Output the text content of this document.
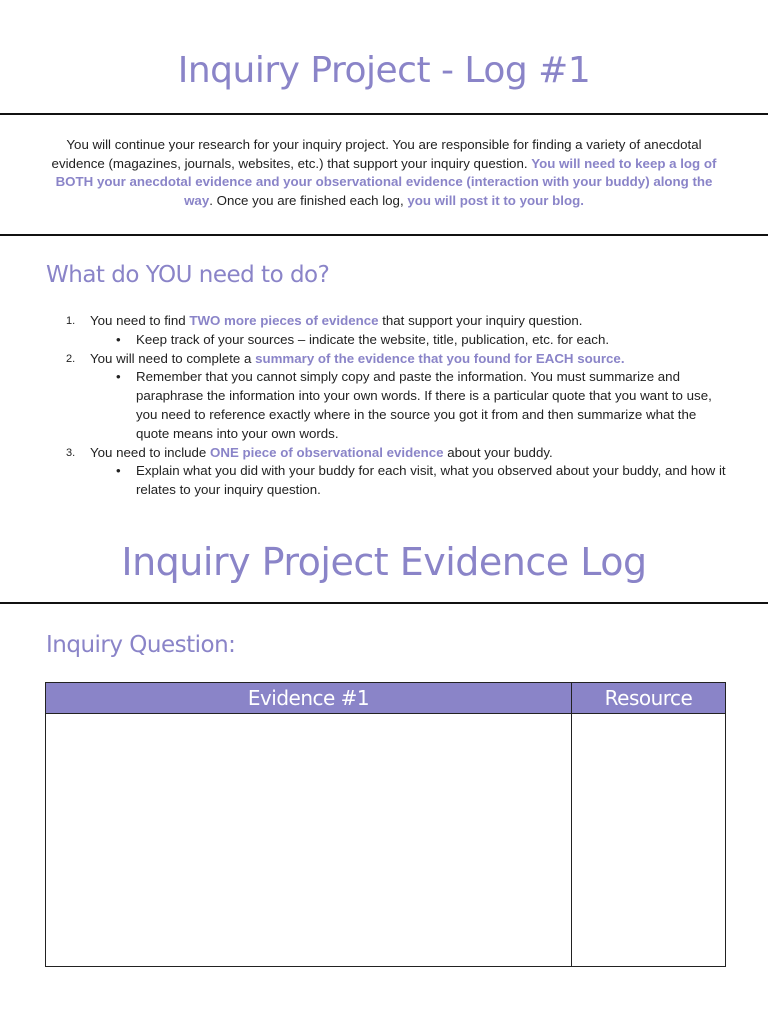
Inquiry Project - Log #1

You will continue your research for your inquiry project. You are responsible for finding a variety of anecdotal evidence (magazines, journals, websites, etc.) that support your inquiry question. You will need to keep a log of BOTH your anecdotal evidence and your observational evidence (interaction with your buddy) along the way. Once you are finished each log, you will post it to your blog.

What do YOU need to do?
1. You need to find TWO more pieces of evidence that support your inquiry question.
• Keep track of your sources – indicate the website, title, publication, etc. for each.
2. You will need to complete a summary of the evidence that you found for EACH source.
• Remember that you cannot simply copy and paste the information. You must summarize and paraphrase the information into your own words. If there is a particular quote that you want to use, you need to reference exactly where in the source you got it from and then summarize what the quote means into your own words.
3. You need to include ONE piece of observational evidence about your buddy.
• Explain what you did with your buddy for each visit, what you observed about your buddy, and how it relates to your inquiry question.
Inquiry Project Evidence Log
Inquiry Question:
Evidence #1	Resource
